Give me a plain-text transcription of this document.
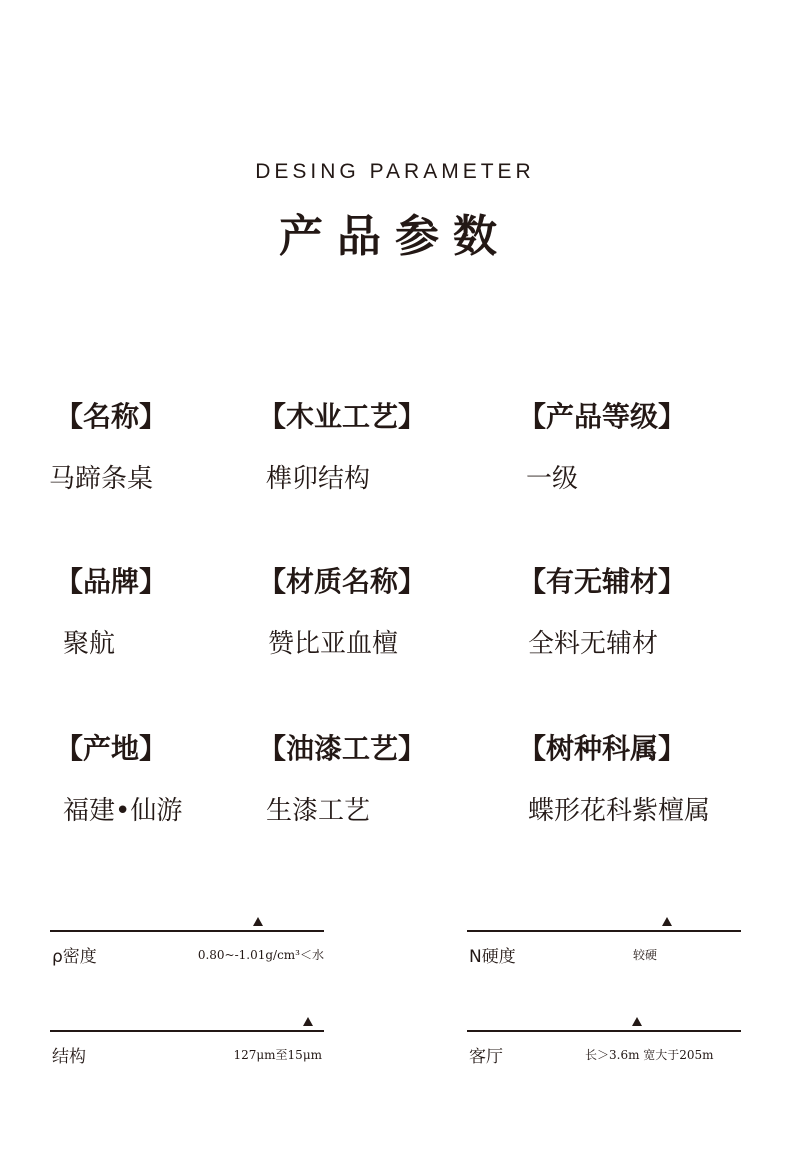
DESING PARAMETER
产品参数
【名称】
马蹄条桌
【木业工艺】
榫卯结构
【产品等级】
一级
【品牌】
聚航
【材质名称】
赞比亚血檀
【有无辅材】
全料无辅材
【产地】
福建•仙游
【油漆工艺】
生漆工艺
【树种科属】
蝶形花科紫檀属
ρ密度	0.80~-1.01g/cm³＜水	N硬度	较硬
结构	127μm至15μm	客厅	长＞3.6m 宽大于205m
